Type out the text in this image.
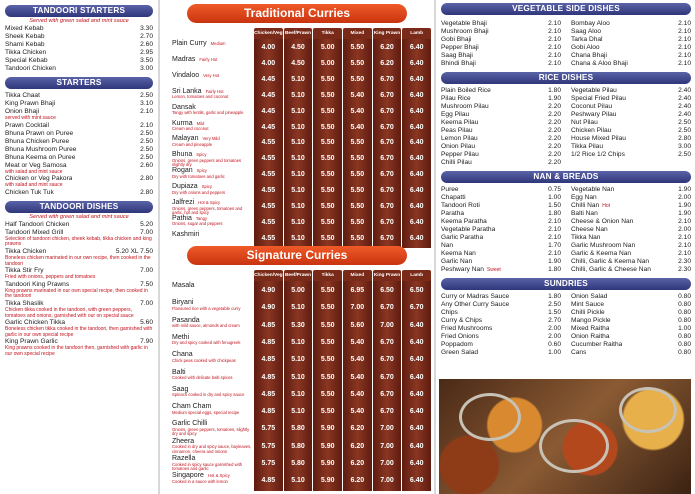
TANDOORI STARTERS
Served with green salad and mint sauce
Mixed Kebab	3.30
Sheek Kebab	2.70
Shami Kebab	2.60
Tikka Chicken	2.95
Special Kebab	3.50
Tandoori Chicken	3.00
STARTERS
Tikka Chaat	2.50
King Prawn Bhaji	3.10
Onion Bhaji	2.10
served with mint sauce
Prawn Cocktail	2.10
Bhuna Prawn on Puree	2.50
Bhuna Chicken Puree	2.50
Bhuna Mushroom Puree	2.50
Bhuna Keema on Puree	2.50
Meat or Veg Samosa	2.60
with salad and mint sauce
Chicken or Veg Pakora	2.80
with salad and mint sauce
Chicken Tuk Tuk	2.80
TANDOORI DISHES
Served with green salad and mint sauce
Half Tandoori Chicken	5.20
Tandoori Mixed Grill	7.00
Selection of tandoori chicken, sheek kebab, tikka chicken and king prawns
Tikka Chicken	5.20 XL 7.50
Boneless chicken marinated in our own recipe, then cooked in the tandoori
Tikka Stir Fry	7.00
Fried with onions, peppers and tomatoes
Tandoori King Prawns	7.50
King prawns marinated in our own special recipe, then cooked in the tandoori
Tikka Shaslik	7.00
Chicken tikka cooked in the tandoori, with green peppers, tomatoes and onions, garnished with our on special sauce
Garlic Chicken Tikka	5.60
Boneless chicken tikka cooked in the tandoori, then garnished with garlic in our own special recipe
King Prawn Garlic	7.90
King prawns cooked in the tandoori then, garnished with garlic in our own special recipe
Traditional Curries
Chicken/Veg Beef/Prawn	Tikka	Mixed	King Prawn	Lamb
Plain Curry Medium
4.00	4.50	5.00	5.50	6.20	6.40
Madras Fairly Hot
4.00	4.50	5.00	5.50	6.20	6.40
Vindaloo Very Hot
4.45	5.10	5.50	5.50	6.70	6.40
Sri Lanka Fairly Hot
Lemon, tomatoes and coconut	4.45	5.10	5.50	5.40	6.70	6.40
Dansak
Tangy with lentils, garlic and pineapple	4.45	5.10	5.50	5.40	6.70	6.40
Kurma Mild
Cream and coconut	4.45	5.10	5.50	5.40	6.70	6.40
Malayan Very Mild
Cream and pineapple	4.55	5.10	5.50	5.50	6.70	6.40
Bhuna Spicy
Onions, green peppers and tomatoes slightly dry
4.55	5.10	5.50	5.50	6.70	6.40
Rogan Spicy
Dry with tomatoes and garlic	4.55	5.10	5.50	5.50	6.70	6.40
Dupiaza Spicy
Dry with onions and peppers	4.55	5.10	5.50	5.50	6.70	6.40
Jalfrezi Hot & Spicy
Onions, green peppers, tomatoes and garlic, hot and spicy
4.55	5.10	5.50	5.50	6.70	6.40
Pathia Tangy
Onions, sugar and peppers	4.55	5.10	5.50	5.50	6.70	6.40
Kashmiri
4.55	5.10	5.50	5.50	6.70	6.40
Signature Curries
Chicken/Veg Beef/Prawn	Tikka	Mixed	King Prawn	Lamb
Masala
4.90	5.00	5.50	6.95	6.50	6.50
Biryani
Flavoured rice with a vegetable curry	4.90	5.10	5.50	7.00	6.70	6.70
Pasanda
with mild sauce, almonds and cream	4.85	5.30	5.50	5.60	7.00	6.40
Methi
Dry and spicy cooked with fenugreek	4.85	5.10	5.50	5.40	6.70	6.40
Chana
Chick peas cooked with chickpeas	4.85	5.10	5.50	5.40	6.70	6.40
Balti
Cooked with delicate balti spices	4.85	5.10	5.50	5.40	6.70	6.40
Saag
Spinach cooked in dry and spicy sauce	4.85	5.10	5.50	5.40	6.70	6.40
Cham Cham
Medium special eggs, special recipe	4.85	5.10	5.50	5.40	6.70	6.40
Garlic Chilli
Onions, green peppers, tomatoes, slightly dry and spicy
5.75	5.80	5.90	6.20	7.00	6.40
Zheera
Cooked in dry and spicy sauce, bayleaves, cinnamon, cheera and onions
5.75	5.80	5.90	6.20	7.00	6.40
Razella
Cooked in spicy sauce garnished with tomatoes and garlic
5.75	5.80	5.90	6.20	7.00	6.40
Singapore Hot & Spicy
Cooked in a sauce with lemon	4.85	5.10	5.90	6.20	7.00	6.40
VEGETABLE SIDE DISHES
Vegetable Bhaji	2.10
Mushroom Bhaji	2.10
Gobi Bhaji	2.10
Pepper Bhaji	2.10
Saag Bhaji	2.10
Bhindi Bhaji	2.10
Bombay Aloo	2.10
Saag Aloo	2.10
Tarka Dhal	2.10
Gobi Aloo	2.10
Chana Bhaji	2.10
Chana & Aloo Bhaji	2.10
RICE DISHES
Plain Boiled Rice	1.80
Pilau Rice	1.90
Mushroom Pilau	2.20
Egg Pilau	2.20
Keema Pilau	2.20
Peas Pilau	2.20
Lemon Pilau	2.20
Onion Pilau	2.20
Pepper Pilau	2.20
Chilli Pilau	2.20
Vegetable Pilau	2.40
Special Fried Pilau	2.40
Coconut Pilau	2.40
Peshwary Pilau	2.40
Nut Pilau	2.50
Chicken Pilau	2.50
House Mixed Pilau	2.80
Tikka Pilau	3.00
1/2 Rice 1/2 Chips	2.50
NAN & BREADS
Puree	0.75
Chapatti	1.00
Tandoori Roti	1.50
Paratha	1.80
Keema Paratha	2.10
Vegetable Paratha	2.10
Garlic Paratha	2.10
Nan	1.70
Keema Nan	2.10
Garlic Nan	1.90
Peshwary Nan Sweet	1.80
Vegetable Nan	1.90
Egg Nan	2.00
Chilli Nan Hot	1.90
Balti Nan	1.90
Cheese & Onion Nan	2.10
Cheese Nan	2.00
Tikka Nan	2.10
Garlic Mushroom Nan	2.10
Garlic & Keema Nan	2.10
Chilli, Garlic & Keema Nan	2.30
Chilli, Garlic & Cheese Nan	2.30
SUNDRIES
Curry or Madras Sauce	1.80
Any Other Curry Sauce	2.50
Chips	1.50
Curry & Chips	2.70
Fried Mushrooms	2.00
Fried Onions	2.00
Poppadom	0.60
Green Salad	1.00
Onion Salad	0.80
Mint Sauce	0.80
Chilli Pickle	0.80
Mango Pickle	0.80
Mixed Raitha	1.00
Onion Raitha	0.80
Cucumber Raitha	0.80
Cans	0.80
